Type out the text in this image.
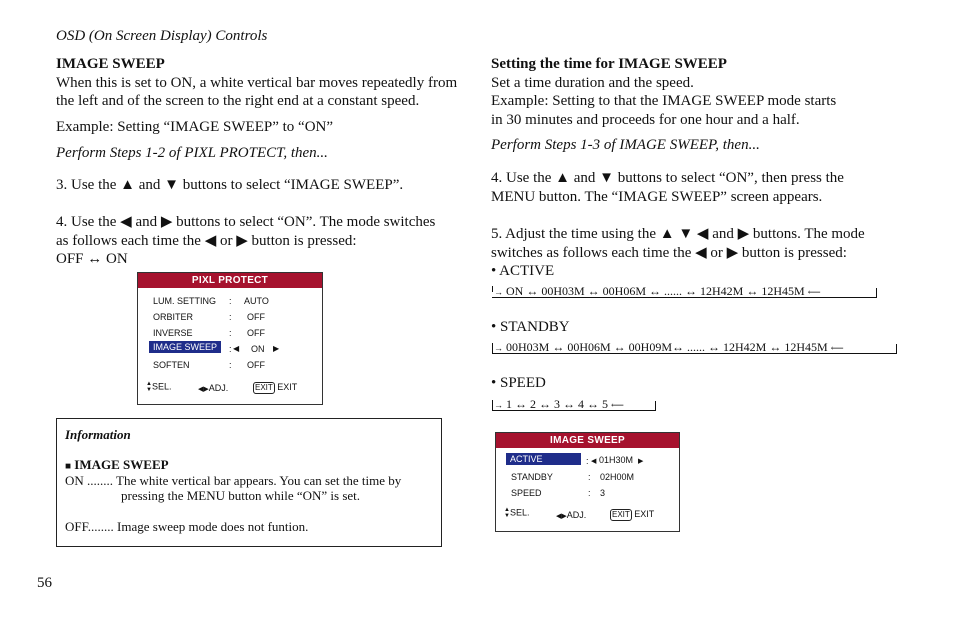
OSD (On Screen Display) Controls
IMAGE SWEEP
When this is set to ON, a white vertical bar moves repeatedly from
the left and of the screen to the right end at a constant speed.
Example: Setting “IMAGE SWEEP” to “ON”
Perform Steps 1-2 of PIXL PROTECT, then...
3. Use the ▲ and ▼ buttons to select “IMAGE SWEEP”.
4. Use the ◀ and ▶ buttons to select “ON”. The mode switches
as follows each time the ◀ or ▶ button is pressed:
OFF ↔ ON
PIXL PROTECT
LUM. SETTING : AUTO
ORBITER	: OFF
INVERSE	: OFF
IMAGE SWEEP	: ◀ ON ▶
SOFTEN	: OFF
▲
▼SEL.	◀▶ADJ.	EXIT EXIT
Information
■ IMAGE SWEEP
ON ........ The white vertical bar appears. You can set the time by
pressing the MENU button while “ON” is set.
OFF........ Image sweep mode does not funtion.
56
Setting the time for IMAGE SWEEP
Set a time duration and the speed.
Example: Setting to that the IMAGE SWEEP mode starts
in 30 minutes and proceeds for one hour and a half.
Perform Steps 1-3 of IMAGE SWEEP, then...
4. Use the ▲ and ▼ buttons to select “ON”, then press the
MENU button. The “IMAGE SWEEP” screen appears.
5. Adjust the time using the ▲ ▼ ◀ and ▶ buttons. The mode
switches as follows each time the ◀ or ▶ button is pressed:
• ACTIVE
→ ON ↔ 00H03M ↔ 00H06M ↔ ...... ↔ 12H42M ↔ 12H45M ⟵
• STANDBY
→ 00H03M ↔ 00H06M ↔ 00H09M↔ ...... ↔ 12H42M ↔ 12H45M ⟵
• SPEED
→ 1 ↔ 2 ↔ 3 ↔ 4 ↔ 5 ⟵
IMAGE SWEEP
ACTIVE	: ◀ 01H30M ▶
STANDBY	: 02H00M
SPEED	: 3
▲
▼SEL.	◀▶ADJ.	EXIT EXIT
